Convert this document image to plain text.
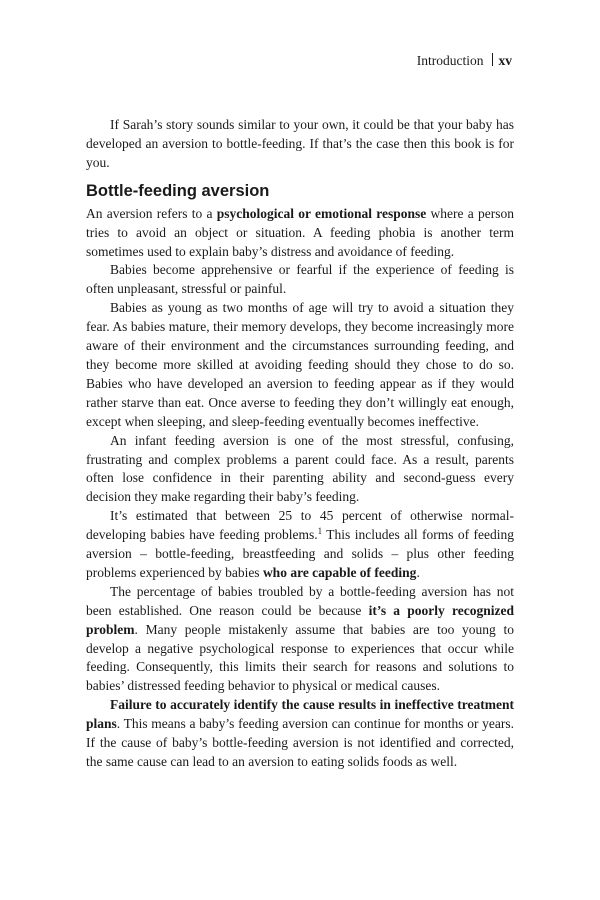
Introduction xv

If Sarah’s story sounds similar to your own, it could be that your baby has developed an aversion to bottle-feeding. If that’s the case then this book is for you.

Bottle-feeding aversion

An aversion refers to a psychological or emotional response where a person tries to avoid an object or situation. A feeding phobia is another term sometimes used to explain baby’s distress and avoidance of feeding.

Babies become apprehensive or fearful if the experience of feeding is often unpleasant, stressful or painful.

Babies as young as two months of age will try to avoid a situation they fear. As babies mature, their memory develops, they become increasingly more aware of their environment and the circumstances surrounding feeding, and they become more skilled at avoiding feeding should they chose to do so. Babies who have developed an aversion to feeding appear as if they would rather starve than eat. Once averse to feeding they don’t willingly eat enough, except when sleeping, and sleep-feeding eventually becomes ineffective.

An infant feeding aversion is one of the most stressful, confusing, frustrating and complex problems a parent could face. As a result, parents often lose confidence in their parenting ability and second-guess every decision they make regarding their baby’s feeding.

It’s estimated that between 25 to 45 percent of otherwise normal-developing babies have feeding problems.$^1$ This includes all forms of feeding aversion – bottle-feeding, breastfeeding and solids – plus other feeding problems experienced by babies who are capable of feeding.

The percentage of babies troubled by a bottle-feeding aversion has not been established. One reason could be because it’s a poorly recognized problem. Many people mistakenly assume that babies are too young to develop a negative psychological response to experiences that occur while feeding. Consequently, this limits their search for reasons and solutions to babies’ distressed feeding behavior to physical or medical causes.

Failure to accurately identify the cause results in ineffective treatment plans. This means a baby’s feeding aversion can continue for months or years. If the cause of baby’s bottle-feeding aversion is not identified and corrected, the same cause can lead to an aversion to eating solids foods as well.
